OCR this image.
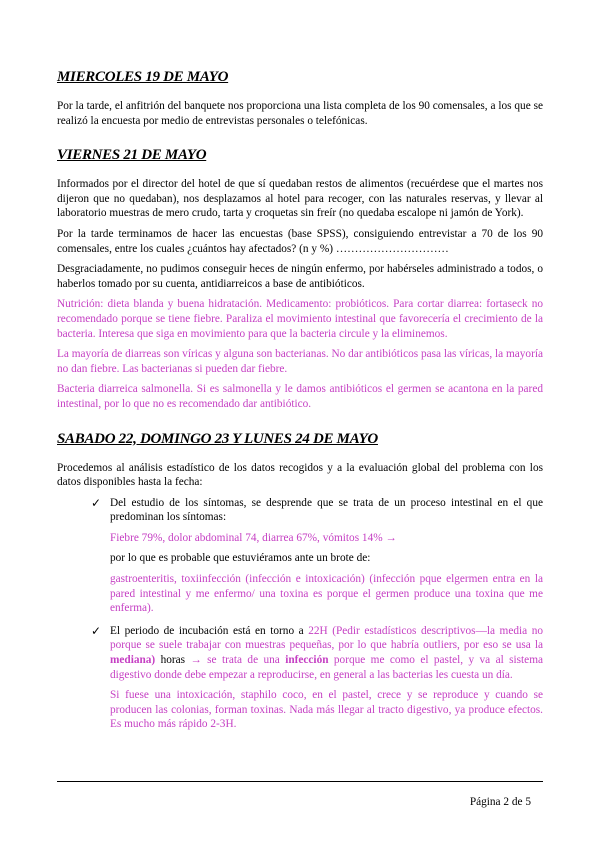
MIERCOLES 19 DE MAYO

Por la tarde, el anfitrión del banquete nos proporciona una lista completa de los 90 comensales, a los que se realizó la encuesta por medio de entrevistas personales o telefónicas.

VIERNES 21 DE MAYO

Informados por el director del hotel de que sí quedaban restos de alimentos (recuérdese que el martes nos dijeron que no quedaban), nos desplazamos al hotel para recoger, con las naturales reservas, y llevar al laboratorio muestras de mero crudo, tarta y croquetas sin freír (no quedaba escalope ni jamón de York).

Por la tarde terminamos de hacer las encuestas (base SPSS), consiguiendo entrevistar a 70 de los 90 comensales, entre los cuales ¿cuántos hay afectados? (n y %) …………………………

Desgraciadamente, no pudimos conseguir heces de ningún enfermo, por habérseles administrado a todos, o haberlos tomado por su cuenta, antidiarreicos a base de antibióticos.

Nutrición: dieta blanda y buena hidratación. Medicamento: probióticos. Para cortar diarrea: fortaseck no recomendado porque se tiene fiebre. Paraliza el movimiento intestinal que favorecería el crecimiento de la bacteria. Interesa que siga en movimiento para que la bacteria circule y la eliminemos.

La mayoría de diarreas son víricas y alguna son bacterianas. No dar antibióticos pasa las víricas, la mayoría no dan fiebre. Las bacterianas si pueden dar fiebre.

Bacteria diarreica salmonella. Si es salmonella y le damos antibióticos el germen se acantona en la pared intestinal, por lo que no es recomendado dar antibiótico.

SABADO 22, DOMINGO 23 Y LUNES 24 DE MAYO

Procedemos al análisis estadístico de los datos recogidos y a la evaluación global del problema con los datos disponibles hasta la fecha:

✓ Del estudio de los síntomas, se desprende que se trata de un proceso intestinal en el que predominan los síntomas:

Fiebre 79%, dolor abdominal 74, diarrea 67%, vómitos 14% →

por lo que es probable que estuviéramos ante un brote de:

gastroenteritis, toxiinfección (infección e intoxicación) (infección pque elgermen entra en la pared intestinal y me enfermo/ una toxina es porque el germen produce una toxina que me enferma).

✓ El periodo de incubación está en torno a 22H (Pedir estadísticos descriptivos—la media no porque se suele trabajar con muestras pequeñas, por lo que habría outliers, por eso se usa la mediana) horas → se trata de una infección porque me como el pastel, y va al sistema digestivo donde debe empezar a reproducirse, en general a las bacterias les cuesta un día.

Si fuese una intoxicación, staphilo coco, en el pastel, crece y se reproduce y cuando se producen las colonias, forman toxinas. Nada más llegar al tracto digestivo, ya produce efectos. Es mucho más rápido 2-3H.

Página 2 de 5
